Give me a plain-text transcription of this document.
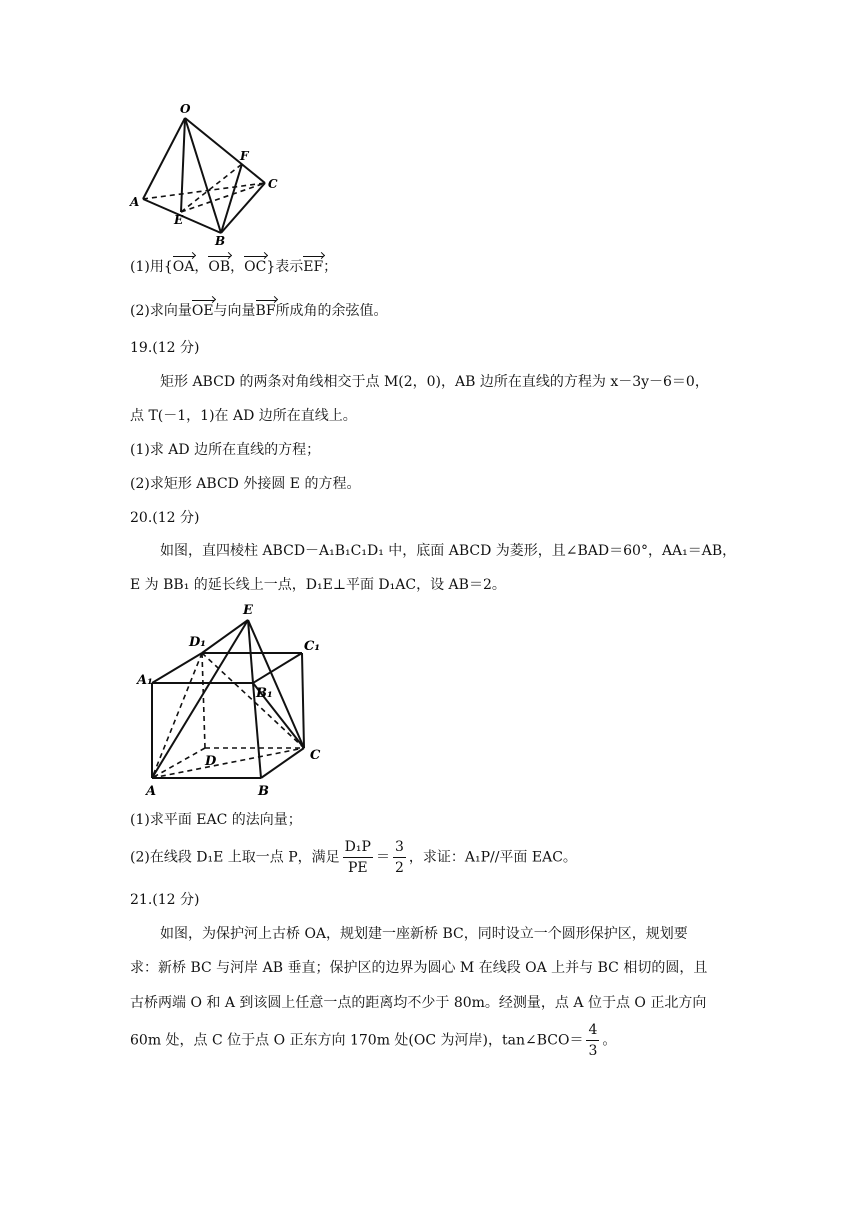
O
F
C
A
E
B
E
D₁	C₁
A₁
B₁
D	C
A	B
(1)用{OA，OB，OC}表示EF；
(2)求向量OE与向量BF所成角的余弦值。
19.(12 分)
矩形 ABCD 的两条对角线相交于点 M(2，0)，AB 边所在直线的方程为 x－3y－6＝0，
点 T(－1，1)在 AD 边所在直线上。
(1)求 AD 边所在直线的方程；
(2)求矩形 ABCD 外接圆 E 的方程。
20.(12 分)
如图，直四棱柱 ABCD－A₁B₁C₁D₁ 中，底面 ABCD 为菱形，且∠BAD＝60°，AA₁＝AB，
E 为 BB₁ 的延长线上一点，D₁E⊥平面 D₁AC，设 AB＝2。
(1)求平面 EAC 的法向量；
(2)在线段 D₁E 上取一点 P，满足 $\frac{\text{D₁P}}{PE} = \frac{3}{2}$ ，求证：A₁P//平面 EAC。
21.(12 分)
如图，为保护河上古桥 OA，规划建一座新桥 BC，同时设立一个圆形保护区，规划要
求：新桥 BC 与河岸 AB 垂直；保护区的边界为圆心 M 在线段 OA 上并与 BC 相切的圆，且
古桥两端 O 和 A 到该圆上任意一点的距离均不少于 80m。经测量，点 A 位于点 O 正北方向
60m 处，点 C 位于点 O 正东方向 170m 处(OC 为河岸)，tan∠BCO＝ $\frac{4}{3}$ 。
